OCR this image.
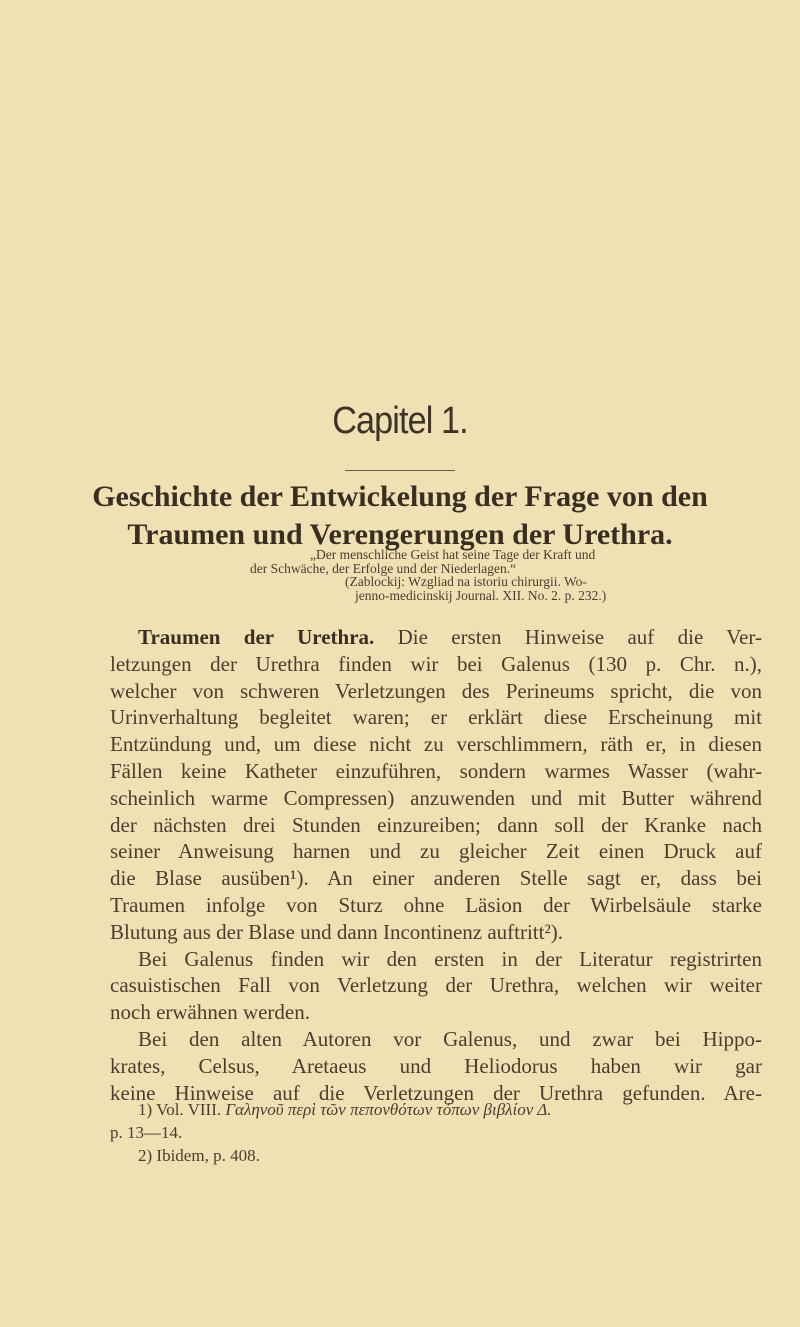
Capitel 1.
Geschichte der Entwickelung der Frage von den
Traumen und Verengerungen der Urethra.
„Der menschliche Geist hat seine Tage der Kraft und
der Schwäche, der Erfolge und der Niederlagen.“
(Zablockij: Wzgliad na istoriu chirurgii. Wo-
jenno-medicinskij Journal. XII. No. 2. p. 232.)
Traumen der Urethra. Die ersten Hinweise auf die Ver-
letzungen der Urethra finden wir bei Galenus (130 p. Chr. n.),
welcher von schweren Verletzungen des Perineums spricht, die von
Urinverhaltung begleitet waren; er erklärt diese Erscheinung mit
Entzündung und, um diese nicht zu verschlimmern, räth er, in diesen
Fällen keine Katheter einzuführen, sondern warmes Wasser (wahr-
scheinlich warme Compressen) anzuwenden und mit Butter während
der nächsten drei Stunden einzureiben; dann soll der Kranke nach
seiner Anweisung harnen und zu gleicher Zeit einen Druck auf
die Blase ausüben¹). An einer anderen Stelle sagt er, dass bei
Traumen infolge von Sturz ohne Läsion der Wirbelsäule starke
Blutung aus der Blase und dann Incontinenz auftritt²).
Bei Galenus finden wir den ersten in der Literatur registrirten
casuistischen Fall von Verletzung der Urethra, welchen wir weiter
noch erwähnen werden.
Bei den alten Autoren vor Galenus, und zwar bei Hippo-
krates, Celsus, Aretaeus und Heliodorus haben wir gar
keine Hinweise auf die Verletzungen der Urethra gefunden. Are-
1) Vol. VIII. Γαληνοῦ περὶ τῶν πεπονθότων τόπων βιβλίον Δ.
p. 13—14.
2) Ibidem, p. 408.
